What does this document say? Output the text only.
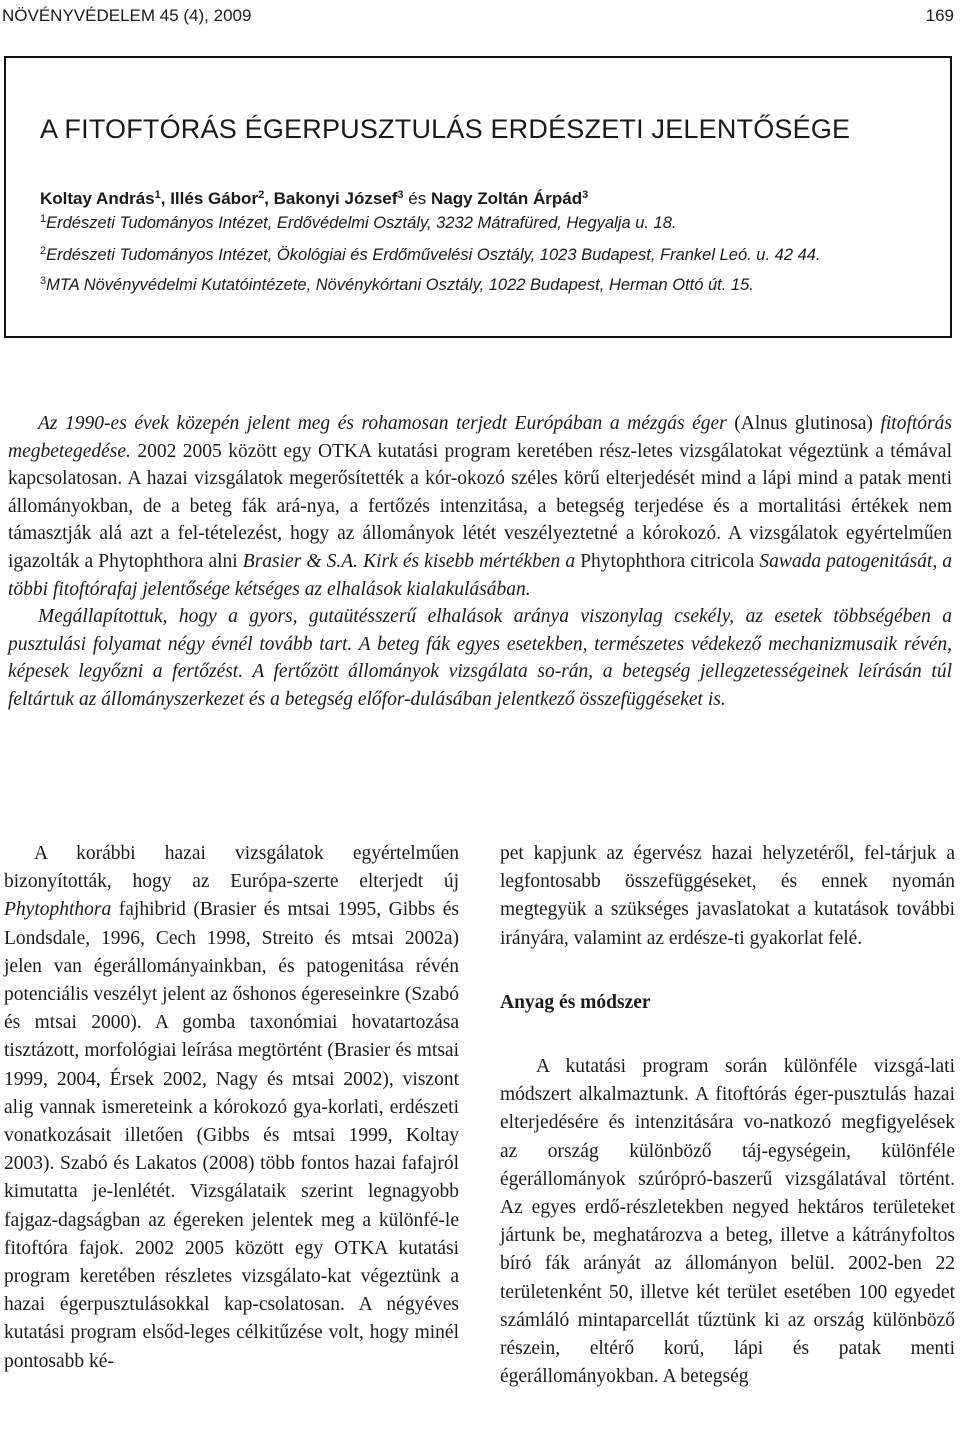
NÖVÉNYVÉDELEM 45 (4), 2009	169
A FITOFTÓRÁS ÉGERPUSZTULÁS ERDÉSZETI JELENTŐSÉGE
Koltay András$^1$, Illés Gábor$^2$, Bakonyi József$^3$ és Nagy Zoltán Árpád$^3$
$^1$Erdészeti Tudományos Intézet, Erdővédelmi Osztály, 3232 Mátrafüred, Hegyalja u. 18.
$^2$Erdészeti Tudományos Intézet, Ökológiai és Erdőművelési Osztály, 1023 Budapest, Frankel Leó. u. 42 44.
$^3$MTA Növényvédelmi Kutatóintézete, Növénykórtani Osztály, 1022 Budapest, Herman Ottó út. 15.

Az 1990-es évek közepén jelent meg és rohamosan terjedt Európában a mézgás éger (Alnus glutinosa) fitoftórás megbetegedése. 2002 2005 között egy OTKA kutatási program keretében rész-letes vizsgálatokat végeztünk a témával kapcsolatosan. A hazai vizsgálatok megerősítették a kór-okozó széles körű elterjedését mind a lápi mind a patak menti állományokban, de a beteg fák ará-nya, a fertőzés intenzitása, a betegség terjedése és a mortalitási értékek nem támasztják alá azt a fel-tételezést, hogy az állományok létét veszélyeztetné a kórokozó. A vizsgálatok egyértelműen igazolták a Phytophthora alni Brasier & S.A. Kirk és kisebb mértékben a Phytophthora citricola Sawada patogenitását, a többi fitoftórafaj jelentősége kétséges az elhalások kialakulásában.

Megállapítottuk, hogy a gyors, gutaütésszerű elhalások aránya viszonylag csekély, az esetek többségében a pusztulási folyamat négy évnél tovább tart. A beteg fák egyes esetekben, természetes védekező mechanizmusaik révén, képesek legyőzni a fertőzést. A fertőzött állományok vizsgálata so-rán, a betegség jellegzetességeinek leírásán túl feltártuk az állományszerkezet és a betegség előfor-dulásában jelentkező összefüggéseket is.

A korábbi hazai vizsgálatok egyértelműen bizonyították, hogy az Európa-szerte elterjedt új Phytophthora fajhibrid (Brasier és mtsai 1995, Gibbs és Londsdale, 1996, Cech 1998, Streito és mtsai 2002a) jelen van égerállományainkban, és patogenitása révén potenciális veszélyt jelent az őshonos égereseinkre (Szabó és mtsai 2000). A gomba taxonómiai hovatartozása tisztázott, morfológiai leírása megtörtént (Brasier és mtsai 1999, 2004, Érsek 2002, Nagy és mtsai 2002), viszont alig vannak ismereteink a kórokozó gya-korlati, erdészeti vonatkozásait illetően (Gibbs és mtsai 1999, Koltay 2003). Szabó és Lakatos (2008) több fontos hazai fafajról kimutatta je-lenlétét. Vizsgálataik szerint legnagyobb fajgaz-dagságban az égereken jelentek meg a különfé-le fitoftóra fajok. 2002 2005 között egy OTKA kutatási program keretében részletes vizsgálato-kat végeztünk a hazai égerpusztulásokkal kap-csolatosan. A négyéves kutatási program elsőd-leges célkitűzése volt, hogy minél pontosabb ké-

pet kapjunk az égervész hazai helyzetéről, fel-tárjuk a legfontosabb összefüggéseket, és ennek nyomán megtegyük a szükséges javaslatokat a kutatások további irányára, valamint az erdésze-ti gyakorlat felé.

Anyag és módszer

A kutatási program során különféle vizsgá-lati módszert alkalmaztunk. A fitoftórás éger-pusztulás hazai elterjedésére és intenzitására vo-natkozó megfigyelések az ország különböző táj-egységein, különféle égerállományok szúrópró-baszerű vizsgálatával történt. Az egyes erdő-részletekben negyed hektáros területeket jártunk be, meghatározva a beteg, illetve a kátrányfoltos bíró fák arányát az állományon belül. 2002-ben 22 területenként 50, illetve két terület esetében 100 egyedet számláló mintaparcellát tűztünk ki az ország különböző részein, eltérő korú, lápi és patak menti égerállományokban. A betegség
